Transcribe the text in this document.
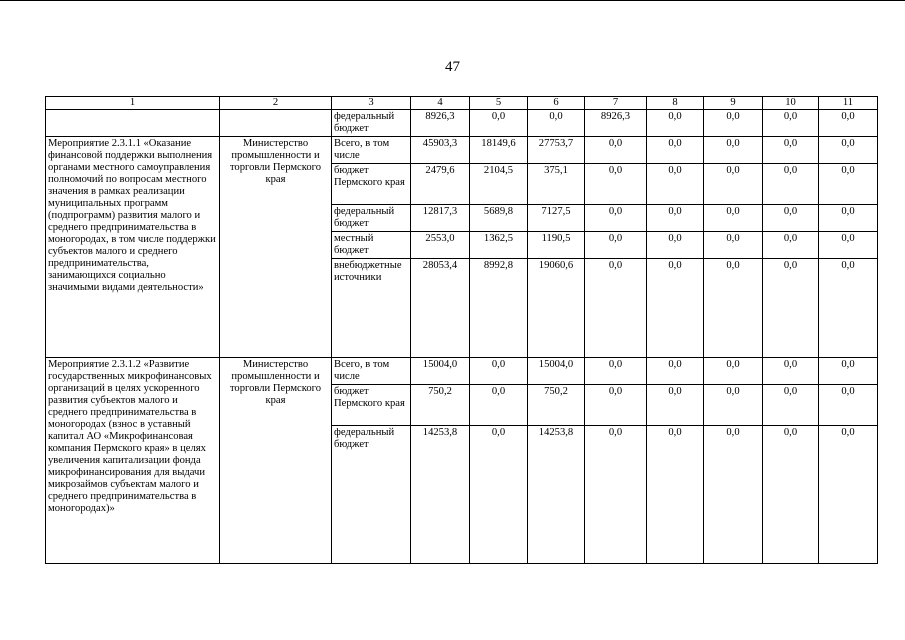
47
1	2	3	4	5	6	7	8	9	10	11
		федеральный бюджет	8926,3	0,0	0,0	8926,3	0,0	0,0	0,0	0,0
Мероприятие 2.3.1.1 «Оказание финансовой поддержки выполнения органами местного самоуправления полномочий по вопросам местного значения в рамках реализации муниципальных программ (подпрограмм) развития малого и среднего предпринимательства в моногородах, в том числе поддержки субъектов малого и среднего предпринимательства, занимающихся социально значимыми видами деятельности»	Министерство промышленности и торговли Пермского края	Всего, в том числе	45903,3	18149,6	27753,7	0,0	0,0	0,0	0,0	0,0
		бюджет Пермского края	2479,6	2104,5	375,1	0,0	0,0	0,0	0,0	0,0
		федеральный бюджет	12817,3	5689,8	7127,5	0,0	0,0	0,0	0,0	0,0
		местный бюджет	2553,0	1362,5	1190,5	0,0	0,0	0,0	0,0	0,0
		внебюджетные источники	28053,4	8992,8	19060,6	0,0	0,0	0,0	0,0	0,0
Мероприятие 2.3.1.2 «Развитие государственных микрофинансовых организаций в целях ускоренного развития субъектов малого и среднего предпринимательства в моногородах (взнос в уставный капитал АО «Микрофинансовая компания Пермского края» в целях увеличения капитализации фонда микрофинансирования для выдачи микрозаймов субъектам малого и среднего предпринимательства в моногородах)»	Министерство промышленности и торговли Пермского края	Всего, в том числе	15004,0	0,0	15004,0	0,0	0,0	0,0	0,0	0,0
		бюджет Пермского края	750,2	0,0	750,2	0,0	0,0	0,0	0,0	0,0
		федеральный бюджет	14253,8	0,0	14253,8	0,0	0,0	0,0	0,0	0,0
